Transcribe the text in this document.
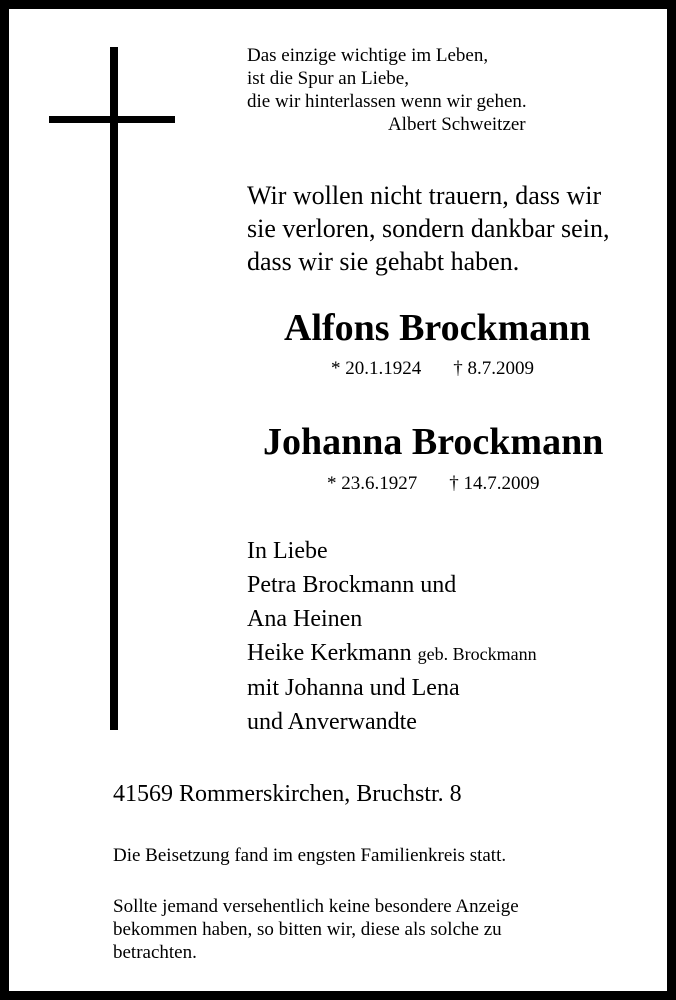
Das einzige wichtige im Leben,
ist die Spur an Liebe,
die wir hinterlassen wenn wir gehen.
Albert Schweitzer
Wir wollen nicht trauern, dass wir
sie verloren, sondern dankbar sein,
dass wir sie gehabt haben.
Alfons Brockmann
* 20.1.1924 † 8.7.2009
Johanna Brockmann
* 23.6.1927 † 14.7.2009
In Liebe
Petra Brockmann und
Ana Heinen
Heike Kerkmann geb. Brockmann
mit Johanna und Lena
und Anverwandte
41569 Rommerskirchen, Bruchstr. 8
Die Beisetzung fand im engsten Familienkreis statt.
Sollte jemand versehentlich keine besondere Anzeige
bekommen haben, so bitten wir, diese als solche zu
betrachten.
